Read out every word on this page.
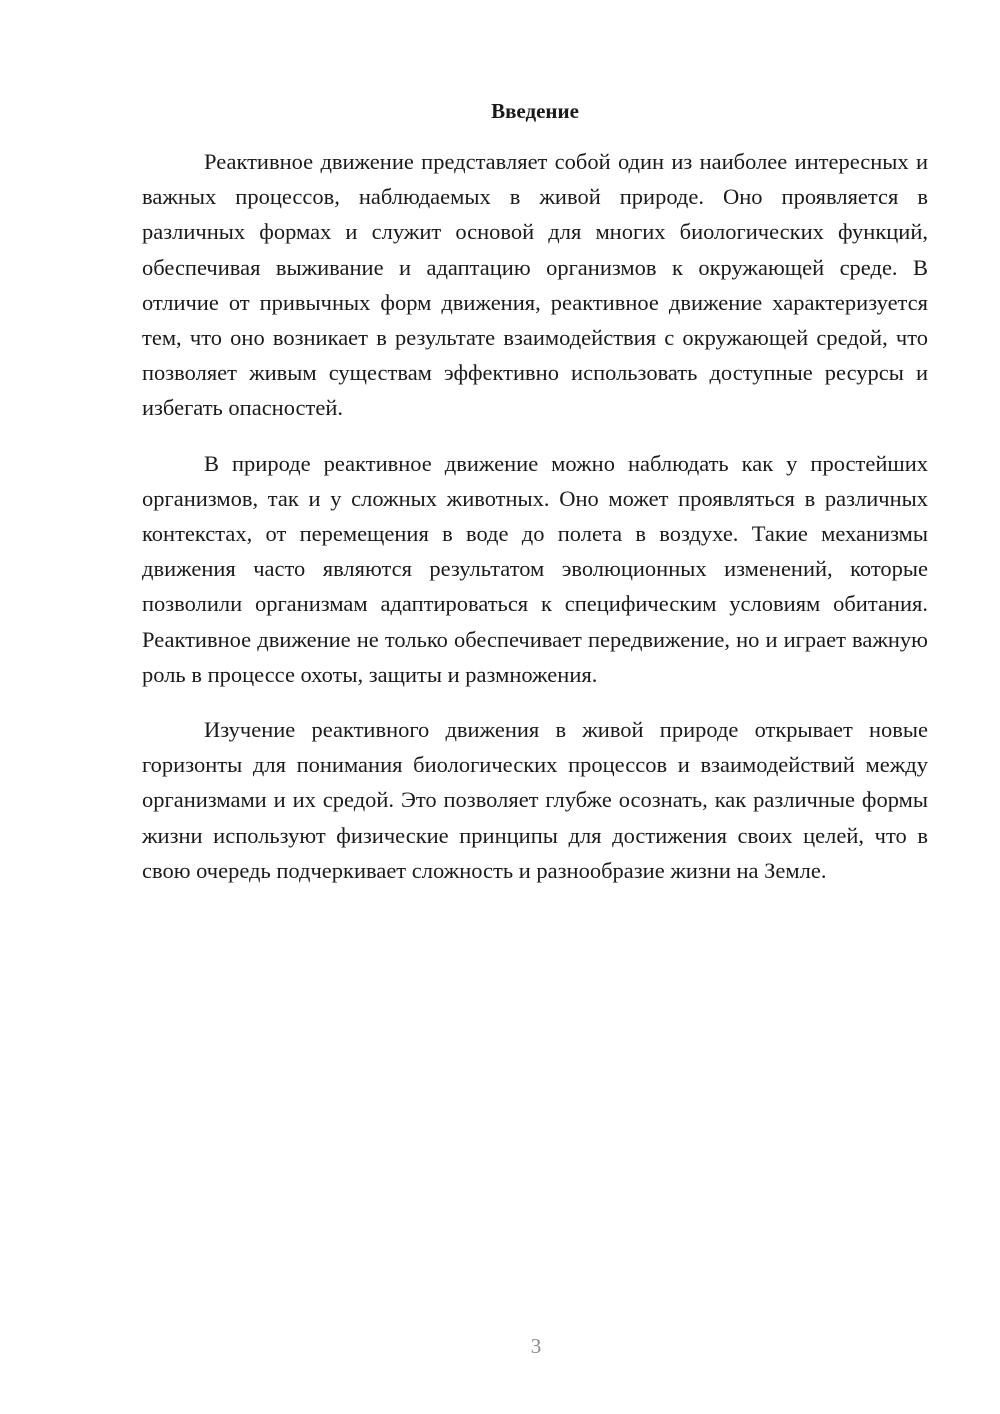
Введение

Реактивное движение представляет собой один из наиболее интересных и важных процессов, наблюдаемых в живой природе. Оно проявляется в различных формах и служит основой для многих биологических функций, обеспечивая выживание и адаптацию организмов к окружающей среде. В отличие от привычных форм движения, реактивное движение характеризуется тем, что оно возникает в результате взаимодействия с окружающей средой, что позволяет живым существам эффективно использовать доступные ресурсы и избегать опасностей.

В природе реактивное движение можно наблюдать как у простейших организмов, так и у сложных животных. Оно может проявляться в различных контекстах, от перемещения в воде до полета в воздухе. Такие механизмы движения часто являются результатом эволюционных изменений, которые позволили организмам адаптироваться к специфическим условиям обитания. Реактивное движение не только обеспечивает передвижение, но и играет важную роль в процессе охоты, защиты и размножения.

Изучение реактивного движения в живой природе открывает новые горизонты для понимания биологических процессов и взаимодействий между организмами и их средой. Это позволяет глубже осознать, как различные формы жизни используют физические принципы для достижения своих целей, что в свою очередь подчеркивает сложность и разнообразие жизни на Земле.

3
